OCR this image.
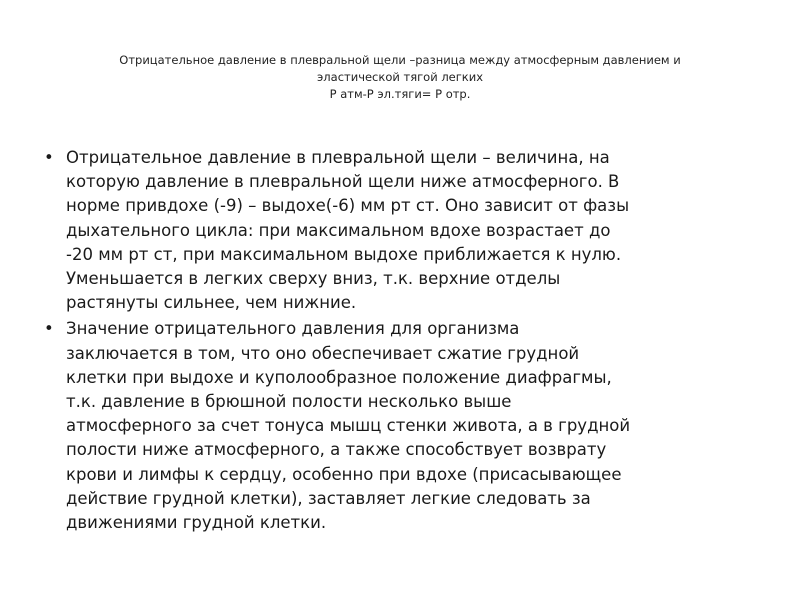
Отрицательное давление в плевральной щели –разница между атмосферным давлением и
эластической тягой легких
Р атм-Р эл.тяги= Р отр.
• Отрицательное давление в плевральной щели – величина, на
которую давление в плевральной щели ниже атмосферного. В
норме привдохе (-9) – выдохе(-6) мм рт ст. Оно зависит от фазы
дыхательного цикла: при максимальном вдохе возрастает до
-20 мм рт ст, при максимальном выдохе приближается к нулю.
Уменьшается в легких сверху вниз, т.к. верхние отделы
растянуты сильнее, чем нижние.
• Значение отрицательного давления для организма
заключается в том, что оно обеспечивает сжатие грудной
клетки при выдохе и куполообразное положение диафрагмы,
т.к. давление в брюшной полости несколько выше
атмосферного за счет тонуса мышц стенки живота, а в грудной
полости ниже атмосферного, а также способствует возврату
крови и лимфы к сердцу, особенно при вдохе (присасывающее
действие грудной клетки), заставляет легкие следовать за
движениями грудной клетки.
